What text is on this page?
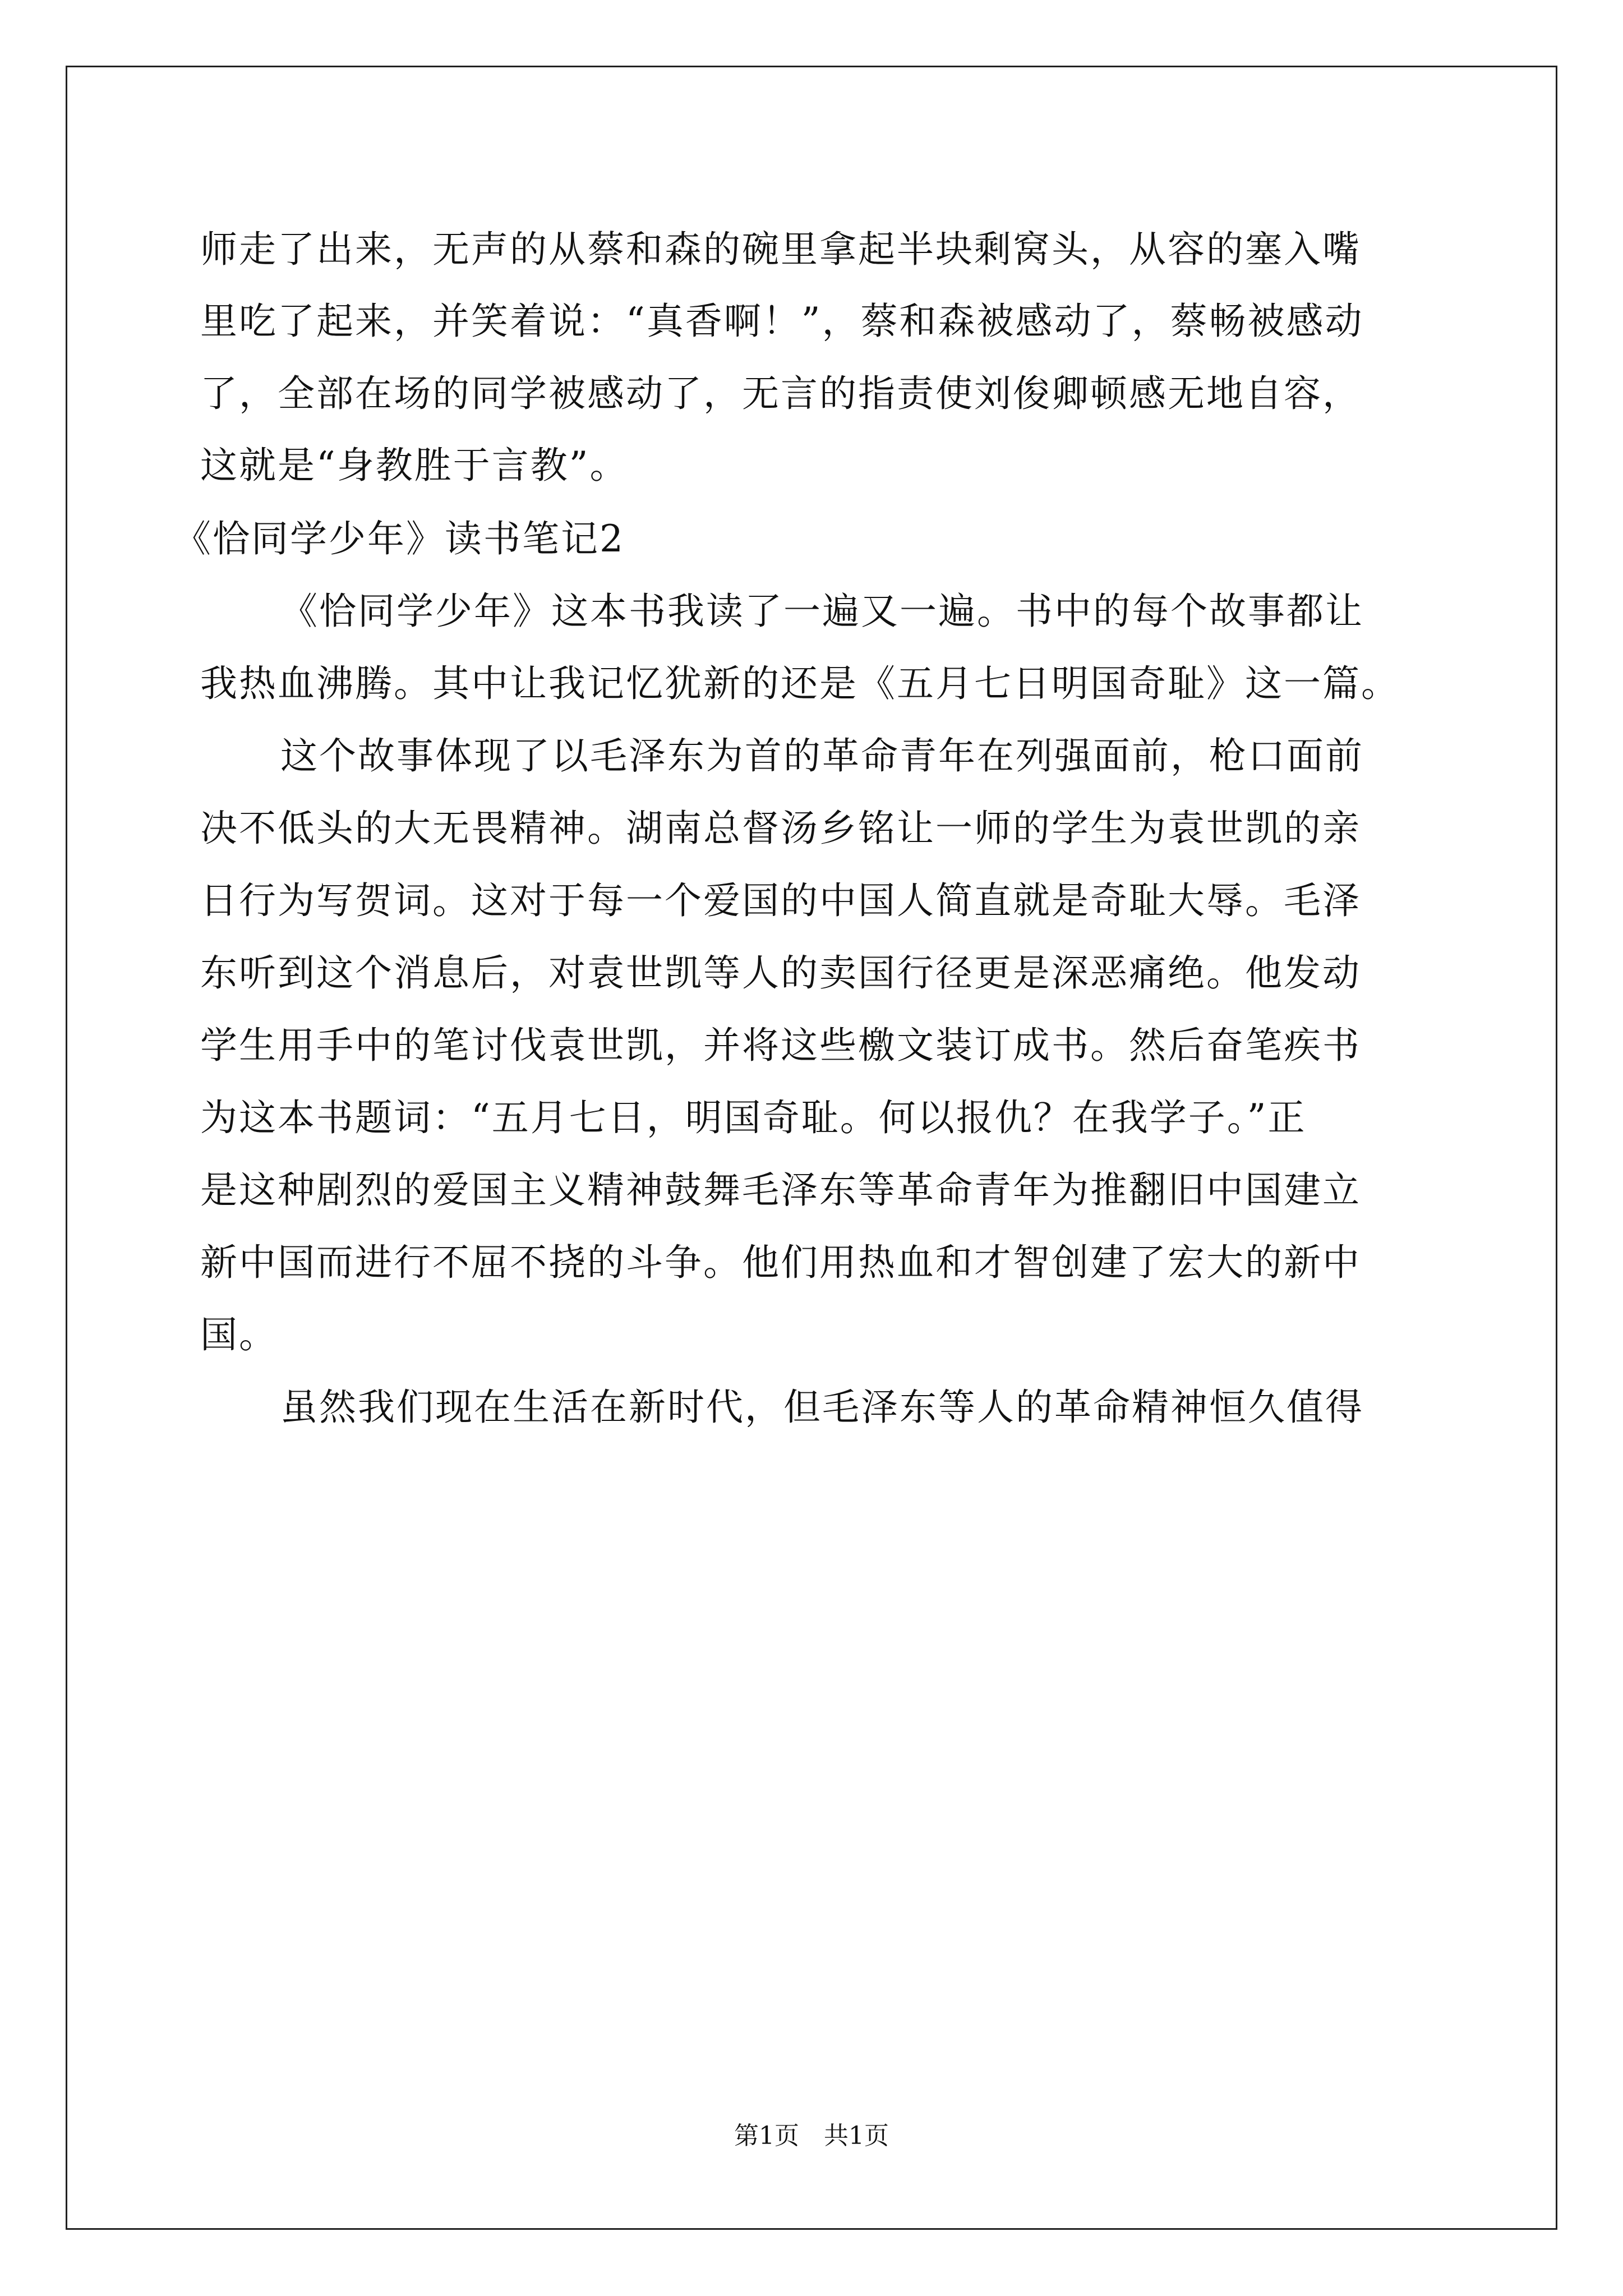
师走了出来，无声的从蔡和森的碗里拿起半块剩窝头，从容的塞入嘴
里吃了起来，并笑着说：“真香啊！”，蔡和森被感动了，蔡畅被感动
了，全部在场的同学被感动了，无言的指责使刘俊卿顿感无地自容，
这就是“身教胜于言教”。
《恰同学少年》读书笔记2
《恰同学少年》这本书我读了一遍又一遍。书中的每个故事都让
我热血沸腾。其中让我记忆犹新的还是《五月七日明国奇耻》这一篇。
这个故事体现了以毛泽东为首的革命青年在列强面前，枪口面前
决不低头的大无畏精神。湖南总督汤乡铭让一师的学生为袁世凯的亲
日行为写贺词。这对于每一个爱国的中国人简直就是奇耻大辱。毛泽
东听到这个消息后，对袁世凯等人的卖国行径更是深恶痛绝。他发动
学生用手中的笔讨伐袁世凯，并将这些檄文装订成书。然后奋笔疾书
为这本书题词：“五月七日，明国奇耻。何以报仇？在我学子。”正
是这种剧烈的爱国主义精神鼓舞毛泽东等革命青年为推翻旧中国建立
新中国而进行不屈不挠的斗争。他们用热血和才智创建了宏大的新中
国。
虽然我们现在生活在新时代，但毛泽东等人的革命精神恒久值得
第1页　共1页
